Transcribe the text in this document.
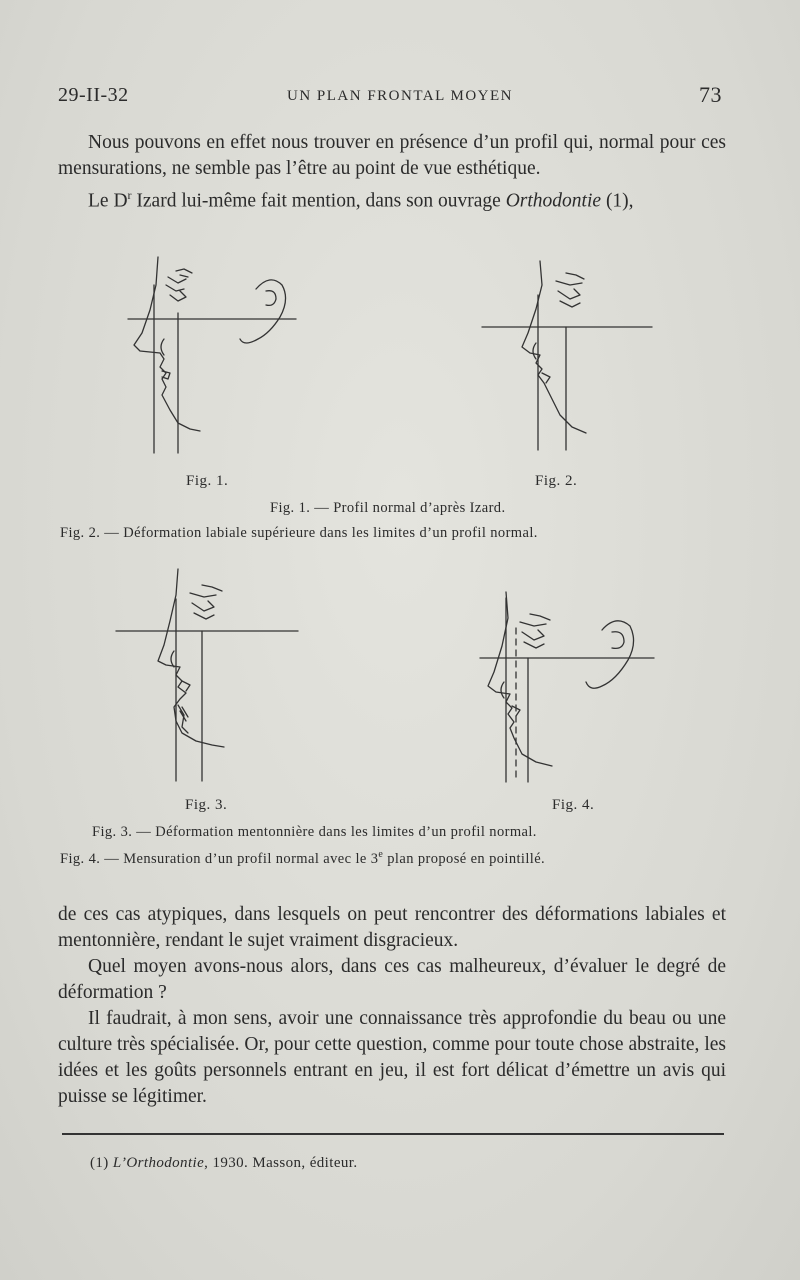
29-II-32	UN PLAN FRONTAL MOYEN	73

Nous pouvons en effet nous trouver en présence d’un profil qui, normal pour ces mensurations, ne semble pas l’être au point de vue esthétique.

Le $D^r$ Izard lui-même fait mention, dans son ouvrage Orthodontie (1),

Fig. 1.	Fig. 2.
Fig. 1. — Profil normal d’après Izard.
Fig. 2. — Déformation labiale supérieure dans les limites d’un profil normal.
Fig. 3.	Fig. 4.
Fig. 3. — Déformation mentonnière dans les limites d’un profil normal.
Fig. 4. — Mensuration d’un profil normal avec le 3e plan proposé en pointillé.

de ces cas atypiques, dans lesquels on peut rencontrer des déformations labiales et mentonnière, rendant le sujet vraiment disgracieux.

Quel moyen avons-nous alors, dans ces cas malheureux, d’évaluer le degré de déformation ?

Il faudrait, à mon sens, avoir une connaissance très approfondie du beau ou une culture très spécialisée. Or, pour cette question, comme pour toute chose abstraite, les idées et les goûts personnels entrant en jeu, il est fort délicat d’émettre un avis qui puisse se légitimer.

(1) L’Orthodontie, 1930. Masson, éditeur.
